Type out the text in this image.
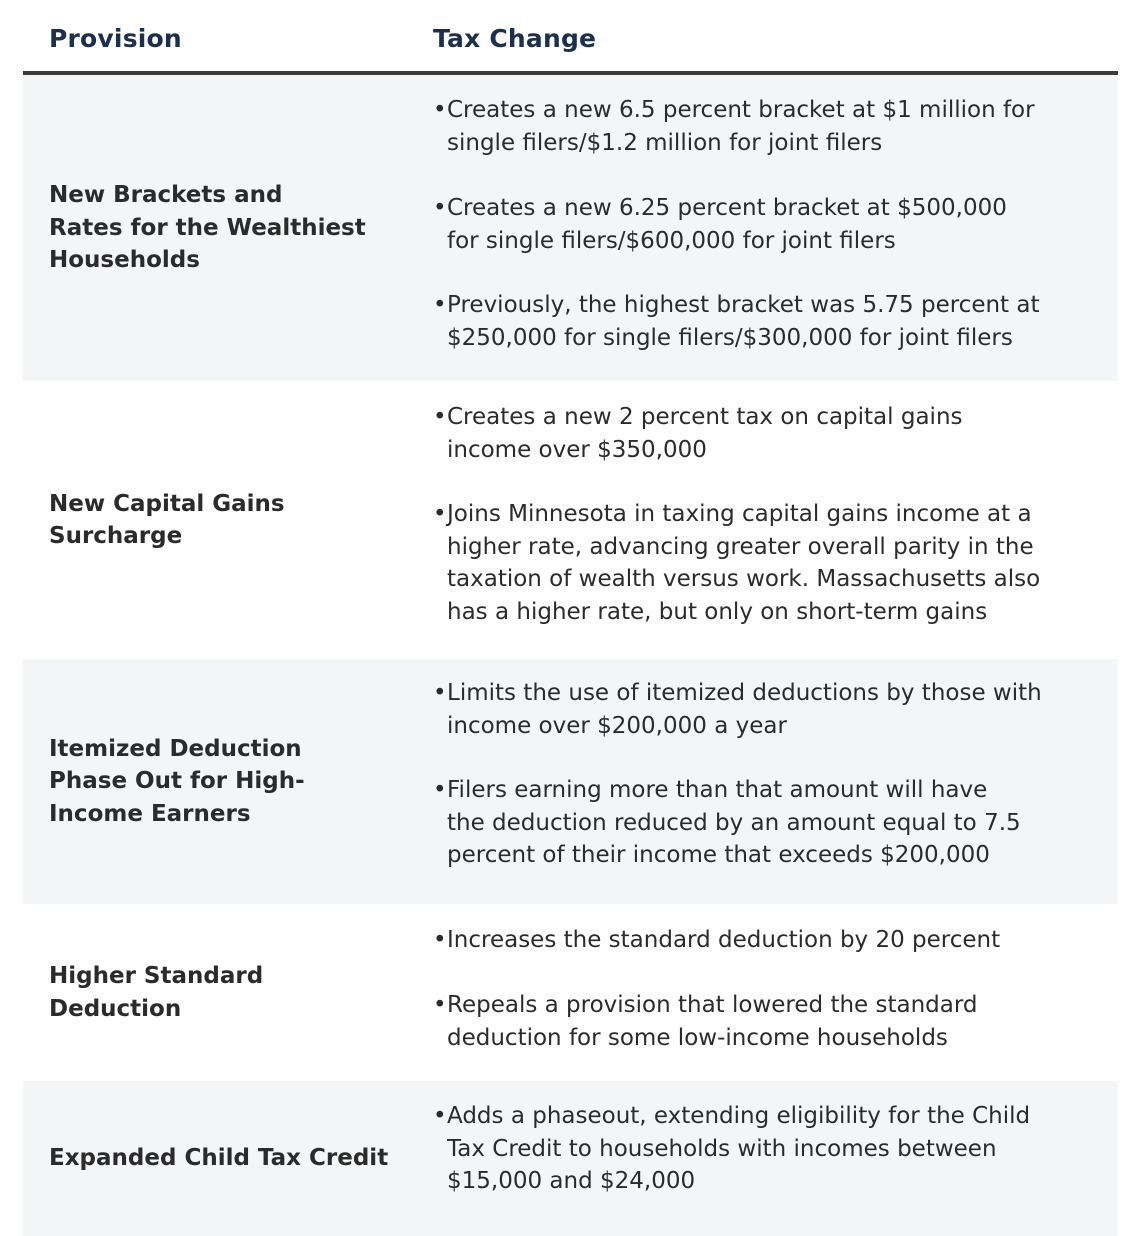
Provision	Tax Change
New Brackets and
Rates for the Wealthiest
Households
• Creates a new 6.5 percent bracket at $1 million for
single filers/$1.2 million for joint filers
• Creates a new 6.25 percent bracket at $500,000
for single filers/$600,000 for joint filers
• Previously, the highest bracket was 5.75 percent at
$250,000 for single filers/$300,000 for joint filers
New Capital Gains
Surcharge
• Creates a new 2 percent tax on capital gains
income over $350,000
• Joins Minnesota in taxing capital gains income at a
higher rate, advancing greater overall parity in the
taxation of wealth versus work. Massachusetts also
has a higher rate, but only on short-term gains
Itemized Deduction
Phase Out for High-
Income Earners
• Limits the use of itemized deductions by those with
income over $200,000 a year
• Filers earning more than that amount will have
the deduction reduced by an amount equal to 7.5
percent of their income that exceeds $200,000
Higher Standard
Deduction
• Increases the standard deduction by 20 percent
• Repeals a provision that lowered the standard
deduction for some low-income households
Expanded Child Tax Credit
• Adds a phaseout, extending eligibility for the Child
Tax Credit to households with incomes between
$15,000 and $24,000
